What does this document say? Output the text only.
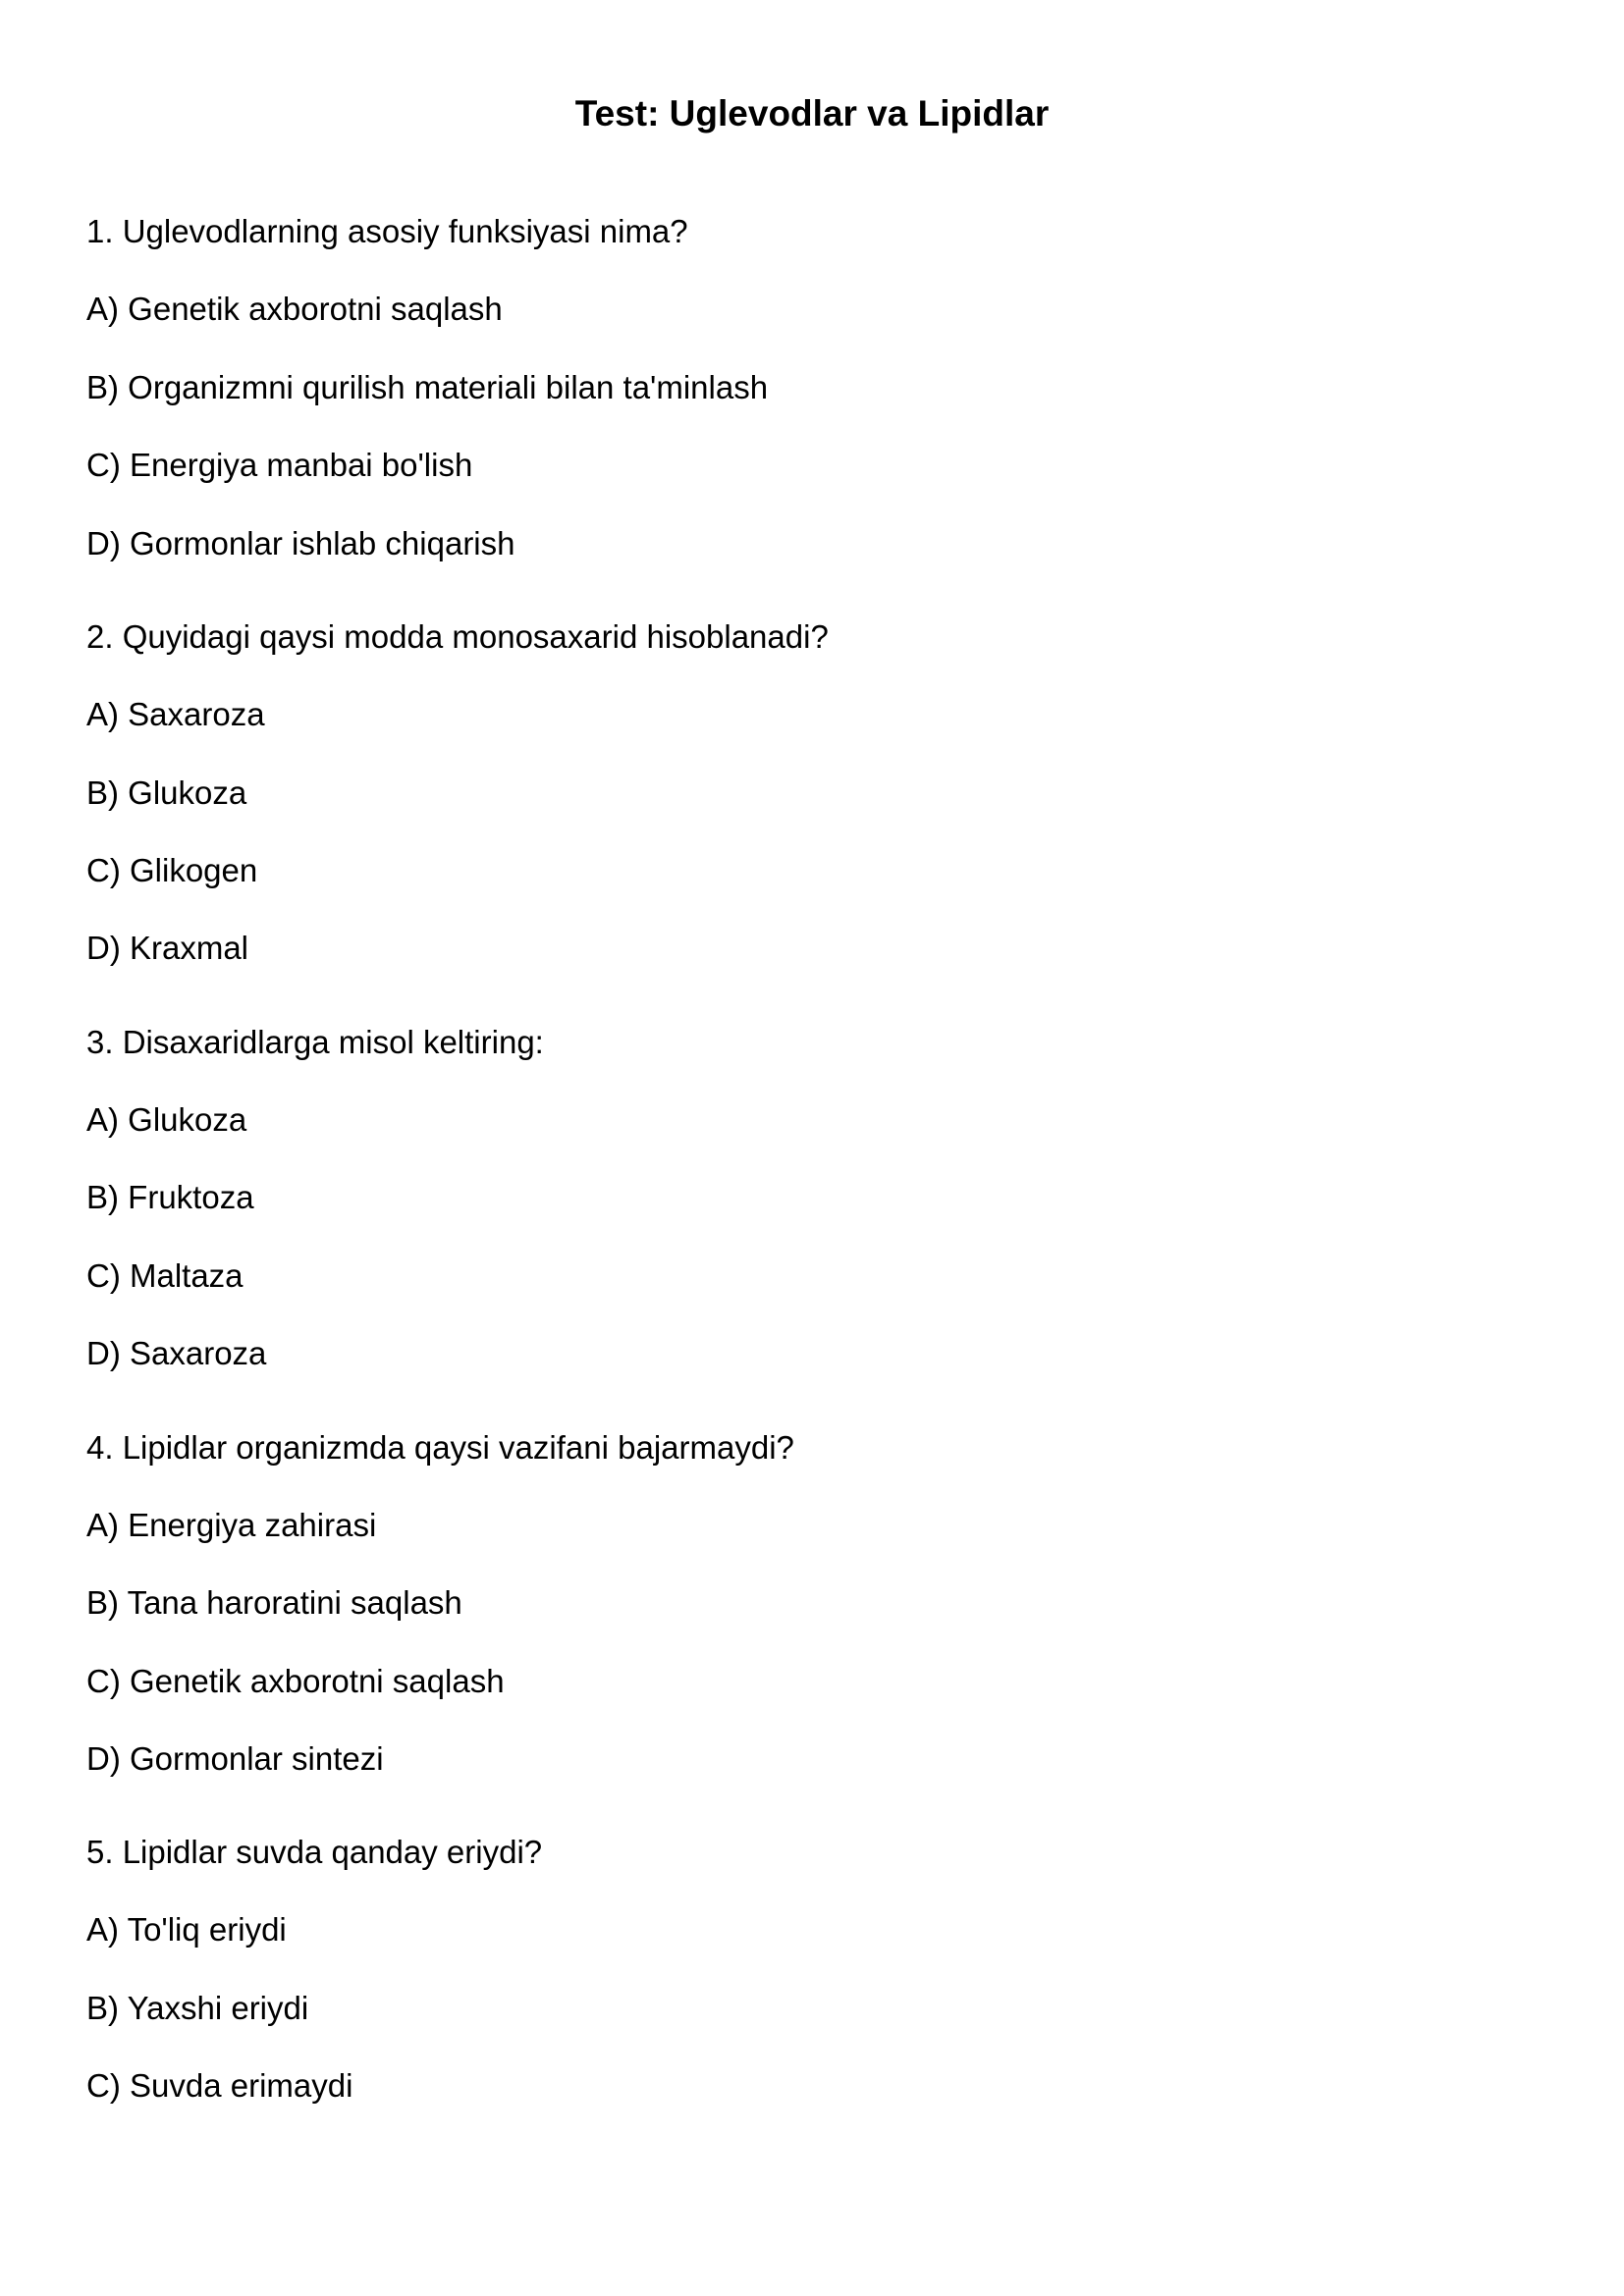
Test: Uglevodlar va Lipidlar

1. Uglevodlarning asosiy funksiyasi nima?

A) Genetik axborotni saqlash

B) Organizmni qurilish materiali bilan ta'minlash

C) Energiya manbai bo'lish

D) Gormonlar ishlab chiqarish

2. Quyidagi qaysi modda monosaxarid hisoblanadi?

A) Saxaroza

B) Glukoza

C) Glikogen

D) Kraxmal

3. Disaxaridlarga misol keltiring:

A) Glukoza

B) Fruktoza

C) Maltaza

D) Saxaroza

4. Lipidlar organizmda qaysi vazifani bajarmaydi?

A) Energiya zahirasi

B) Tana haroratini saqlash

C) Genetik axborotni saqlash

D) Gormonlar sintezi

5. Lipidlar suvda qanday eriydi?

A) To'liq eriydi

B) Yaxshi eriydi

C) Suvda erimaydi
